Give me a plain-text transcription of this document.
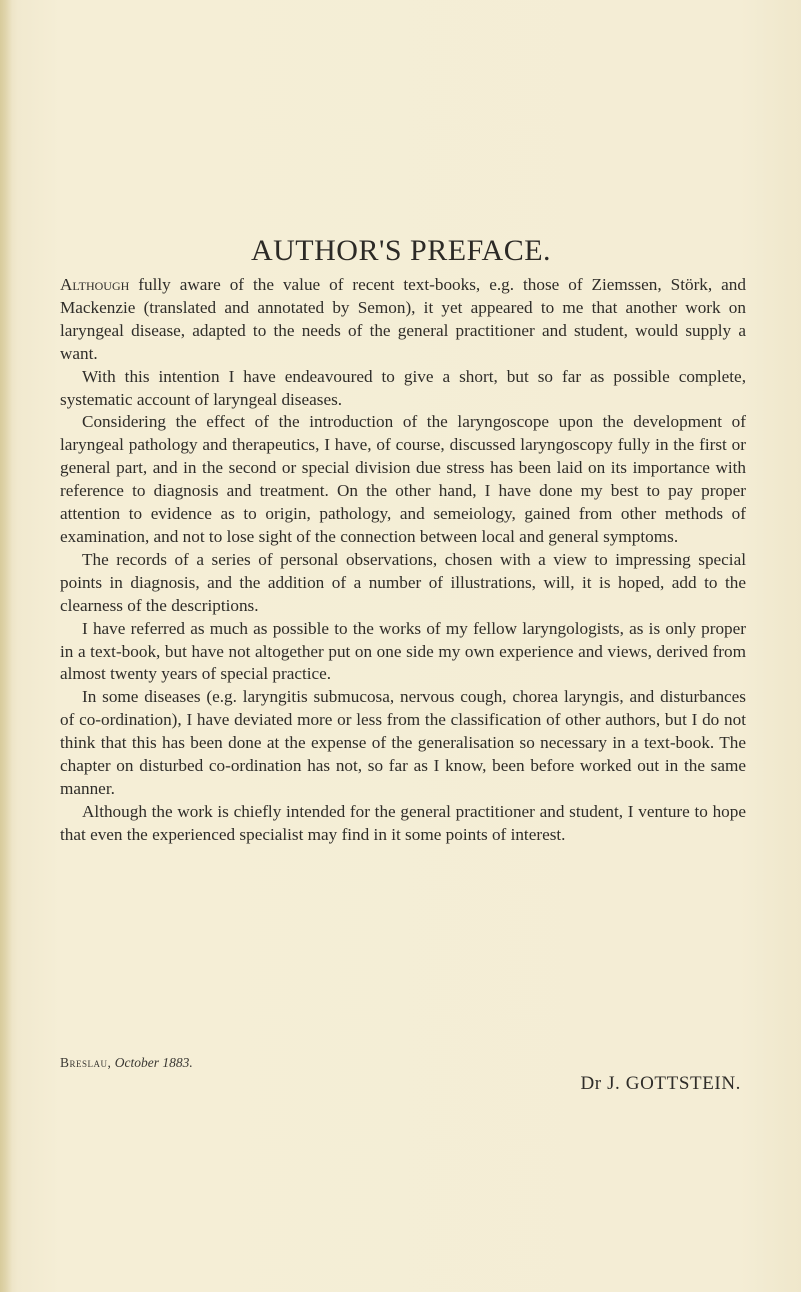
AUTHOR'S PREFACE.

Although fully aware of the value of recent text-books, e.g. those of Ziemssen, Störk, and Mackenzie (translated and annotated by Semon), it yet appeared to me that another work on laryngeal disease, adapted to the needs of the general practitioner and student, would supply a want.

With this intention I have endeavoured to give a short, but so far as possible complete, systematic account of laryngeal diseases.

Considering the effect of the introduction of the laryngoscope upon the development of laryngeal pathology and therapeutics, I have, of course, discussed laryngoscopy fully in the first or general part, and in the second or special division due stress has been laid on its importance with reference to diagnosis and treatment. On the other hand, I have done my best to pay proper attention to evidence as to origin, pathology, and semeiology, gained from other methods of examination, and not to lose sight of the connection between local and general symptoms.

The records of a series of personal observations, chosen with a view to impressing special points in diagnosis, and the addition of a number of illustrations, will, it is hoped, add to the clearness of the descriptions.

I have referred as much as possible to the works of my fellow laryngologists, as is only proper in a text-book, but have not altogether put on one side my own experience and views, derived from almost twenty years of special practice.

In some diseases (e.g. laryngitis submucosa, nervous cough, chorea laryngis, and disturbances of co-ordination), I have deviated more or less from the classification of other authors, but I do not think that this has been done at the expense of the generalisation so necessary in a text-book. The chapter on disturbed co-ordination has not, so far as I know, been before worked out in the same manner.

Although the work is chiefly intended for the general practitioner and student, I venture to hope that even the experienced specialist may find in it some points of interest.

Breslau, October 1883.
Dr J. GOTTSTEIN.
